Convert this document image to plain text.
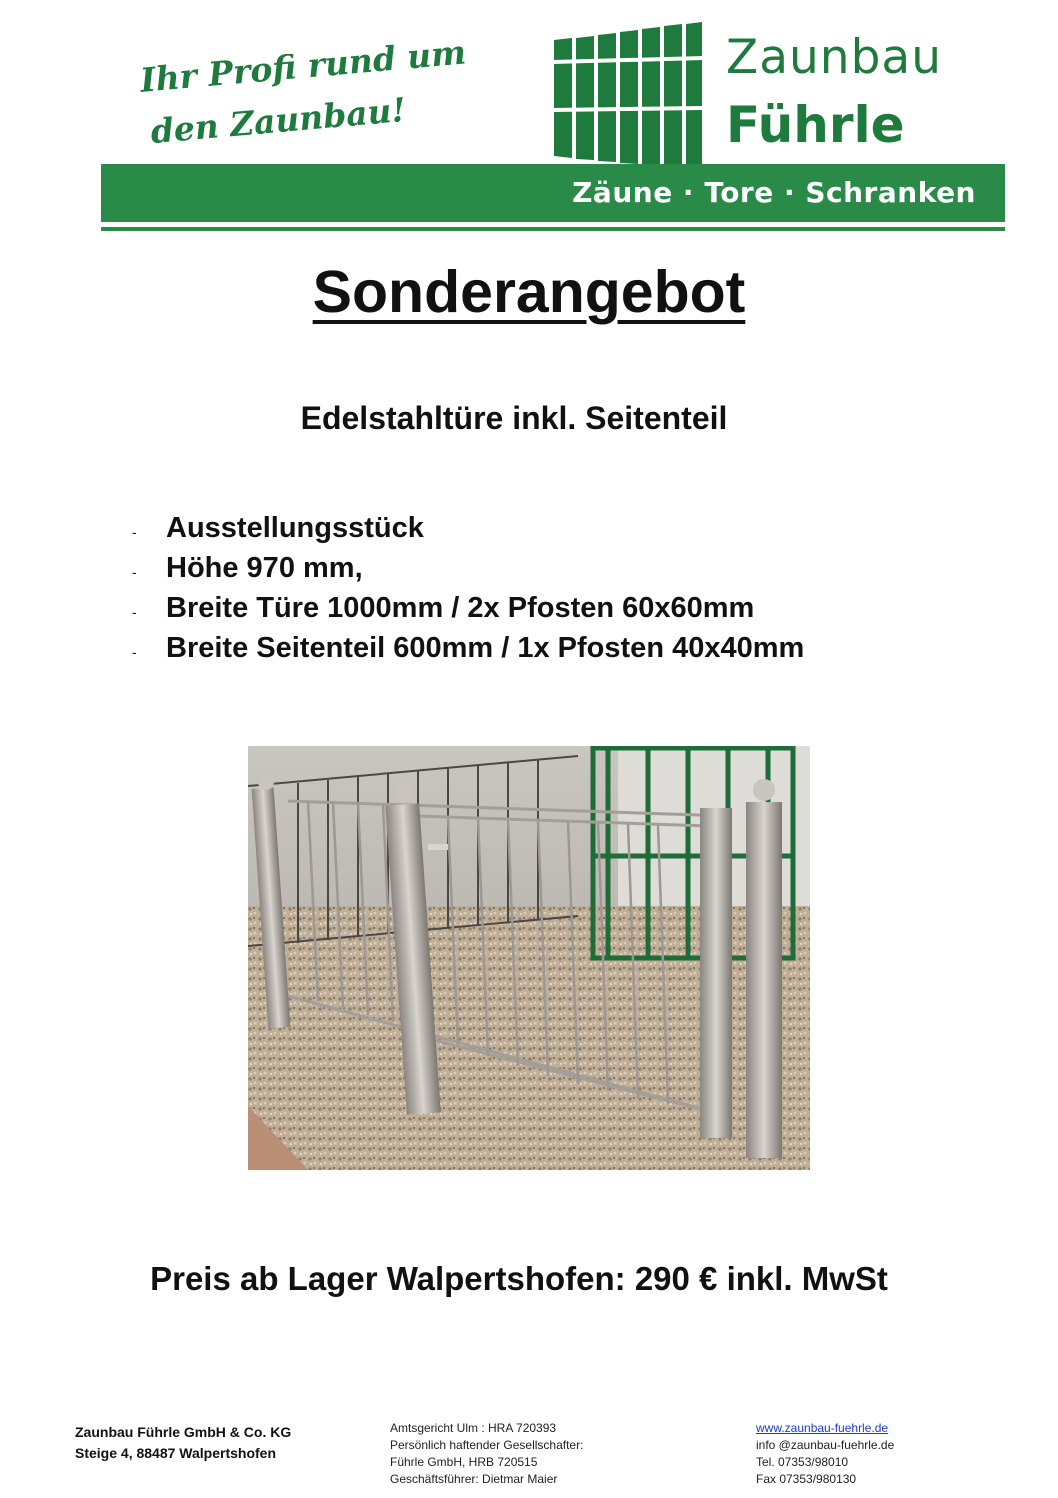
Ihr Profi rund um
den Zaunbau!
Zaunbau
Führle
Zäune · Tore · Schranken
Sonderangebot
Edelstahltüre inkl. Seitenteil
-	Ausstellungsstück
-	Höhe 970 mm,
-	Breite Türe 1000mm / 2x Pfosten 60x60mm
-	Breite Seitenteil 600mm / 1x Pfosten 40x40mm
Preis ab Lager Walpertshofen: 290 € inkl. MwSt
Zaunbau Führle GmbH & Co. KG
Steige 4, 88487 Walpertshofen
Amtsgericht Ulm : HRA 720393
Persönlich haftender Gesellschafter:
Führle GmbH, HRB 720515
Geschäftsführer: Dietmar Maier
www.zaunbau-fuehrle.de
info @zaunbau-fuehrle.de
Tel. 07353/98010
Fax 07353/980130
